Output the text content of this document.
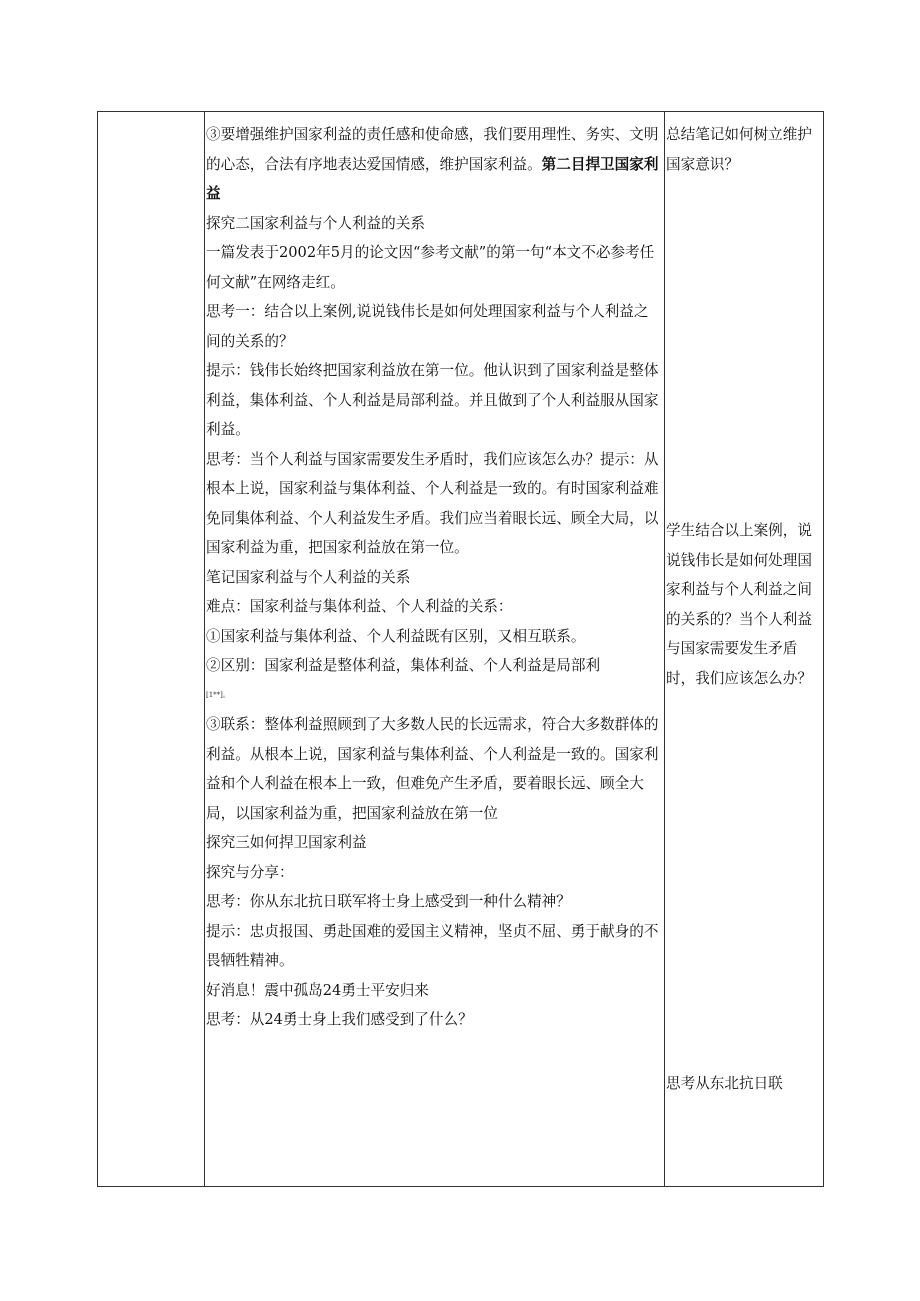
③要增强维护国家利益的责任感和使命感，我们要用理性、务实、文明的心态，合法有序地表达爱国情感，维护国家利益。第二目捍卫国家利益

探究二国家利益与个人利益的关系

一篇发表于2002年5月的论文因“参考文献”的第一句“本文不必参考任何文献”在网络走红。

思考一：结合以上案例,说说钱伟长是如何处理国家利益与个人利益之间的关系的？

提示：钱伟长始终把国家利益放在第一位。他认识到了国家利益是整体利益，集体利益、个人利益是局部利益。并且做到了个人利益服从国家利益。

思考：当个人利益与国家需要发生矛盾时，我们应该怎么办？提示：从根本上说，国家利益与集体利益、个人利益是一致的。有时国家利益难免同集体利益、个人利益发生矛盾。我们应当着眼长远、顾全大局，以国家利益为重，把国家利益放在第一位。

笔记国家利益与个人利益的关系

难点：国家利益与集体利益、个人利益的关系：

①国家利益与集体利益、个人利益既有区别，又相互联系。

②区别：国家利益是整体利益，集体利益、个人利益是局部利

[1**]。

③联系：整体利益照顾到了大多数人民的长远需求，符合大多数群体的利益。从根本上说，国家利益与集体利益、个人利益是一致的。国家利益和个人利益在根本上一致，但难免产生矛盾，要着眼长远、顾全大局，以国家利益为重，把国家利益放在第一位

探究三如何捍卫国家利益

探究与分享：

思考：你从东北抗日联军将士身上感受到一种什么精神？

提示：忠贞报国、勇赴国难的爱国主义精神，坚贞不屈、勇于献身的不畏牺牲精神。

好消息！震中孤岛24勇士平安归来

思考：从24勇士身上我们感受到了什么？

总结笔记如何树立维护国家意识？
学生结合以上案例，说说钱伟长是如何处理国家利益与个人利益之间的关系的？当个人利益与国家需要发生矛盾时，我们应该怎么办？
思考从东北抗日联
